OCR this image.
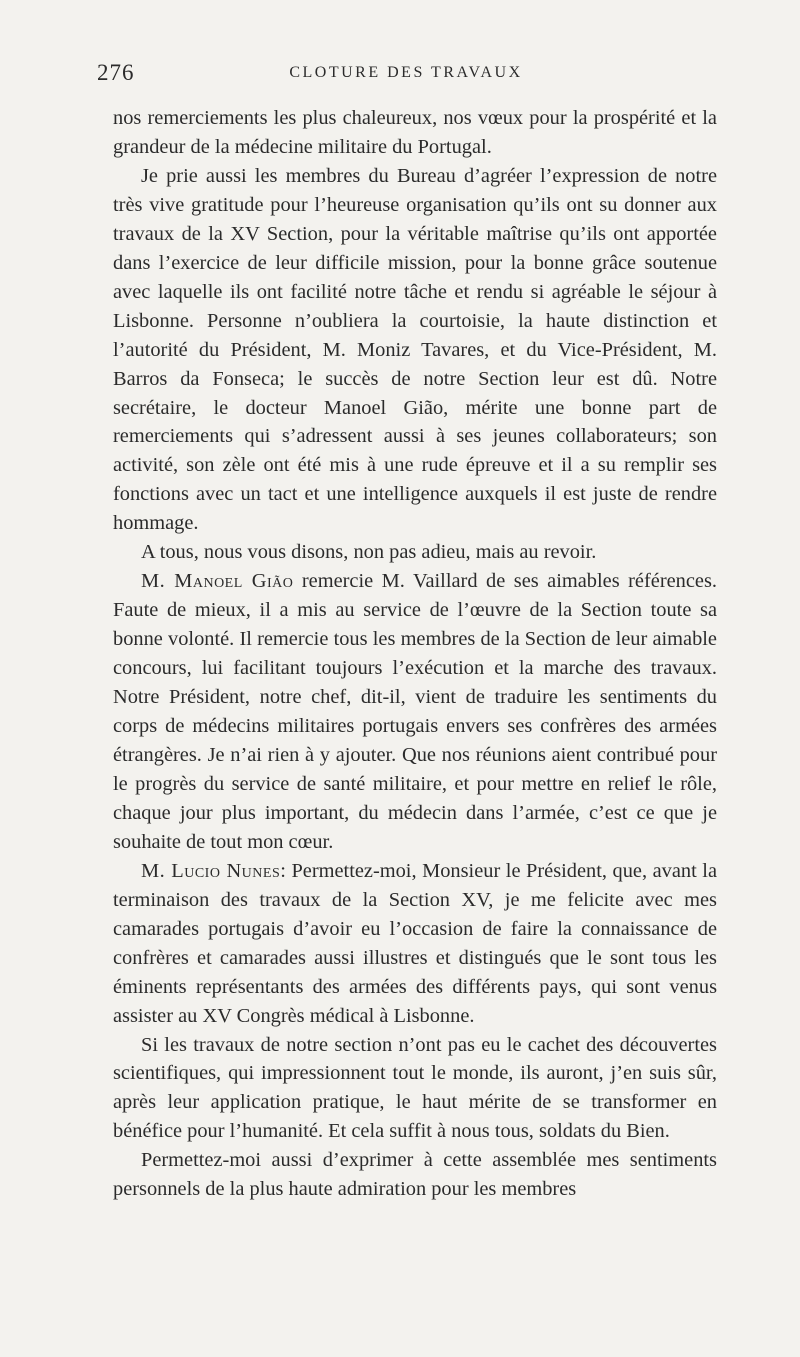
276	CLOTURE DES TRAVAUX

nos remerciements les plus chaleureux, nos vœux pour la prospérité et la grandeur de la médecine militaire du Portugal.

Je prie aussi les membres du Bureau d’agréer l’expression de notre très vive gratitude pour l’heureuse organisation qu’ils ont su donner aux travaux de la XV Section, pour la véritable maîtrise qu’ils ont apportée dans l’exercice de leur difficile mission, pour la bonne grâce soutenue avec laquelle ils ont facilité notre tâche et rendu si agréable le séjour à Lisbonne. Personne n’oubliera la courtoisie, la haute distinction et l’autorité du Président, M. Moniz Tavares, et du Vice-Président, M. Barros da Fonseca; le succès de notre Section leur est dû. Notre secrétaire, le docteur Manoel Gião, mérite une bonne part de remerciements qui s’adressent aussi à ses jeunes collaborateurs; son activité, son zèle ont été mis à une rude épreuve et il a su remplir ses fonctions avec un tact et une intelligence auxquels il est juste de rendre hommage.

A tous, nous vous disons, non pas adieu, mais au revoir.

M. Manoel Gião remercie M. Vaillard de ses aimables références. Faute de mieux, il a mis au service de l’œuvre de la Section toute sa bonne volonté. Il remercie tous les membres de la Section de leur aimable concours, lui facilitant toujours l’exécution et la marche des travaux. Notre Président, notre chef, dit-il, vient de traduire les sentiments du corps de médecins militaires portugais envers ses confrères des armées étrangères. Je n’ai rien à y ajouter. Que nos réunions aient contribué pour le progrès du service de santé militaire, et pour mettre en relief le rôle, chaque jour plus important, du médecin dans l’armée, c’est ce que je souhaite de tout mon cœur.

M. Lucio Nunes: Permettez-moi, Monsieur le Président, que, avant la terminaison des travaux de la Section XV, je me felicite avec mes camarades portugais d’avoir eu l’occasion de faire la connaissance de confrères et camarades aussi illustres et distingués que le sont tous les éminents représentants des armées des différents pays, qui sont venus assister au XV Congrès médical à Lisbonne.

Si les travaux de notre section n’ont pas eu le cachet des découvertes scientifiques, qui impressionnent tout le monde, ils auront, j’en suis sûr, après leur application pratique, le haut mérite de se transformer en bénéfice pour l’humanité. Et cela suffit à nous tous, soldats du Bien.

Permettez-moi aussi d’exprimer à cette assemblée mes sentiments personnels de la plus haute admiration pour les membres
